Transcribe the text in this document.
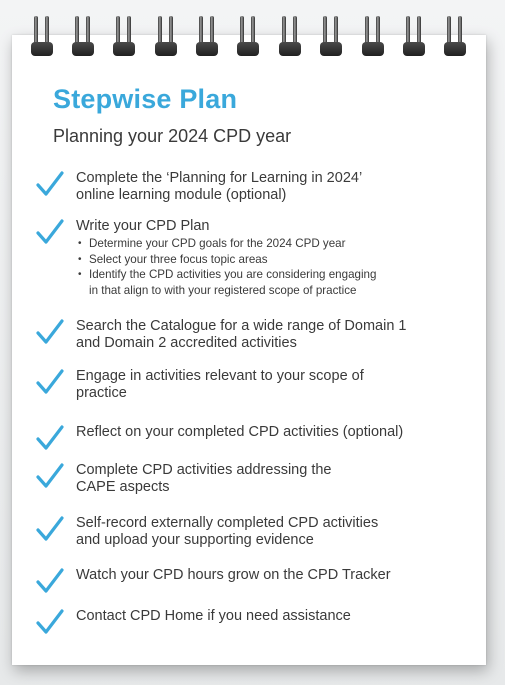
Stepwise Plan
Planning your 2024 CPD year
Complete the ‘Planning for Learning in 2024’
online learning module (optional)
Write your CPD Plan
• Determine your CPD goals for the 2024 CPD year
• Select your three focus topic areas
• Identify the CPD activities you are considering engaging
in that align to with your registered scope of practice
Search the Catalogue for a wide range of Domain 1
and Domain 2 accredited activities
Engage in activities relevant to your scope of
practice
Reflect on your completed CPD activities (optional)
Complete CPD activities addressing the
CAPE aspects
Self-record externally completed CPD activities
and upload your supporting evidence
Watch your CPD hours grow on the CPD Tracker
Contact CPD Home if you need assistance
